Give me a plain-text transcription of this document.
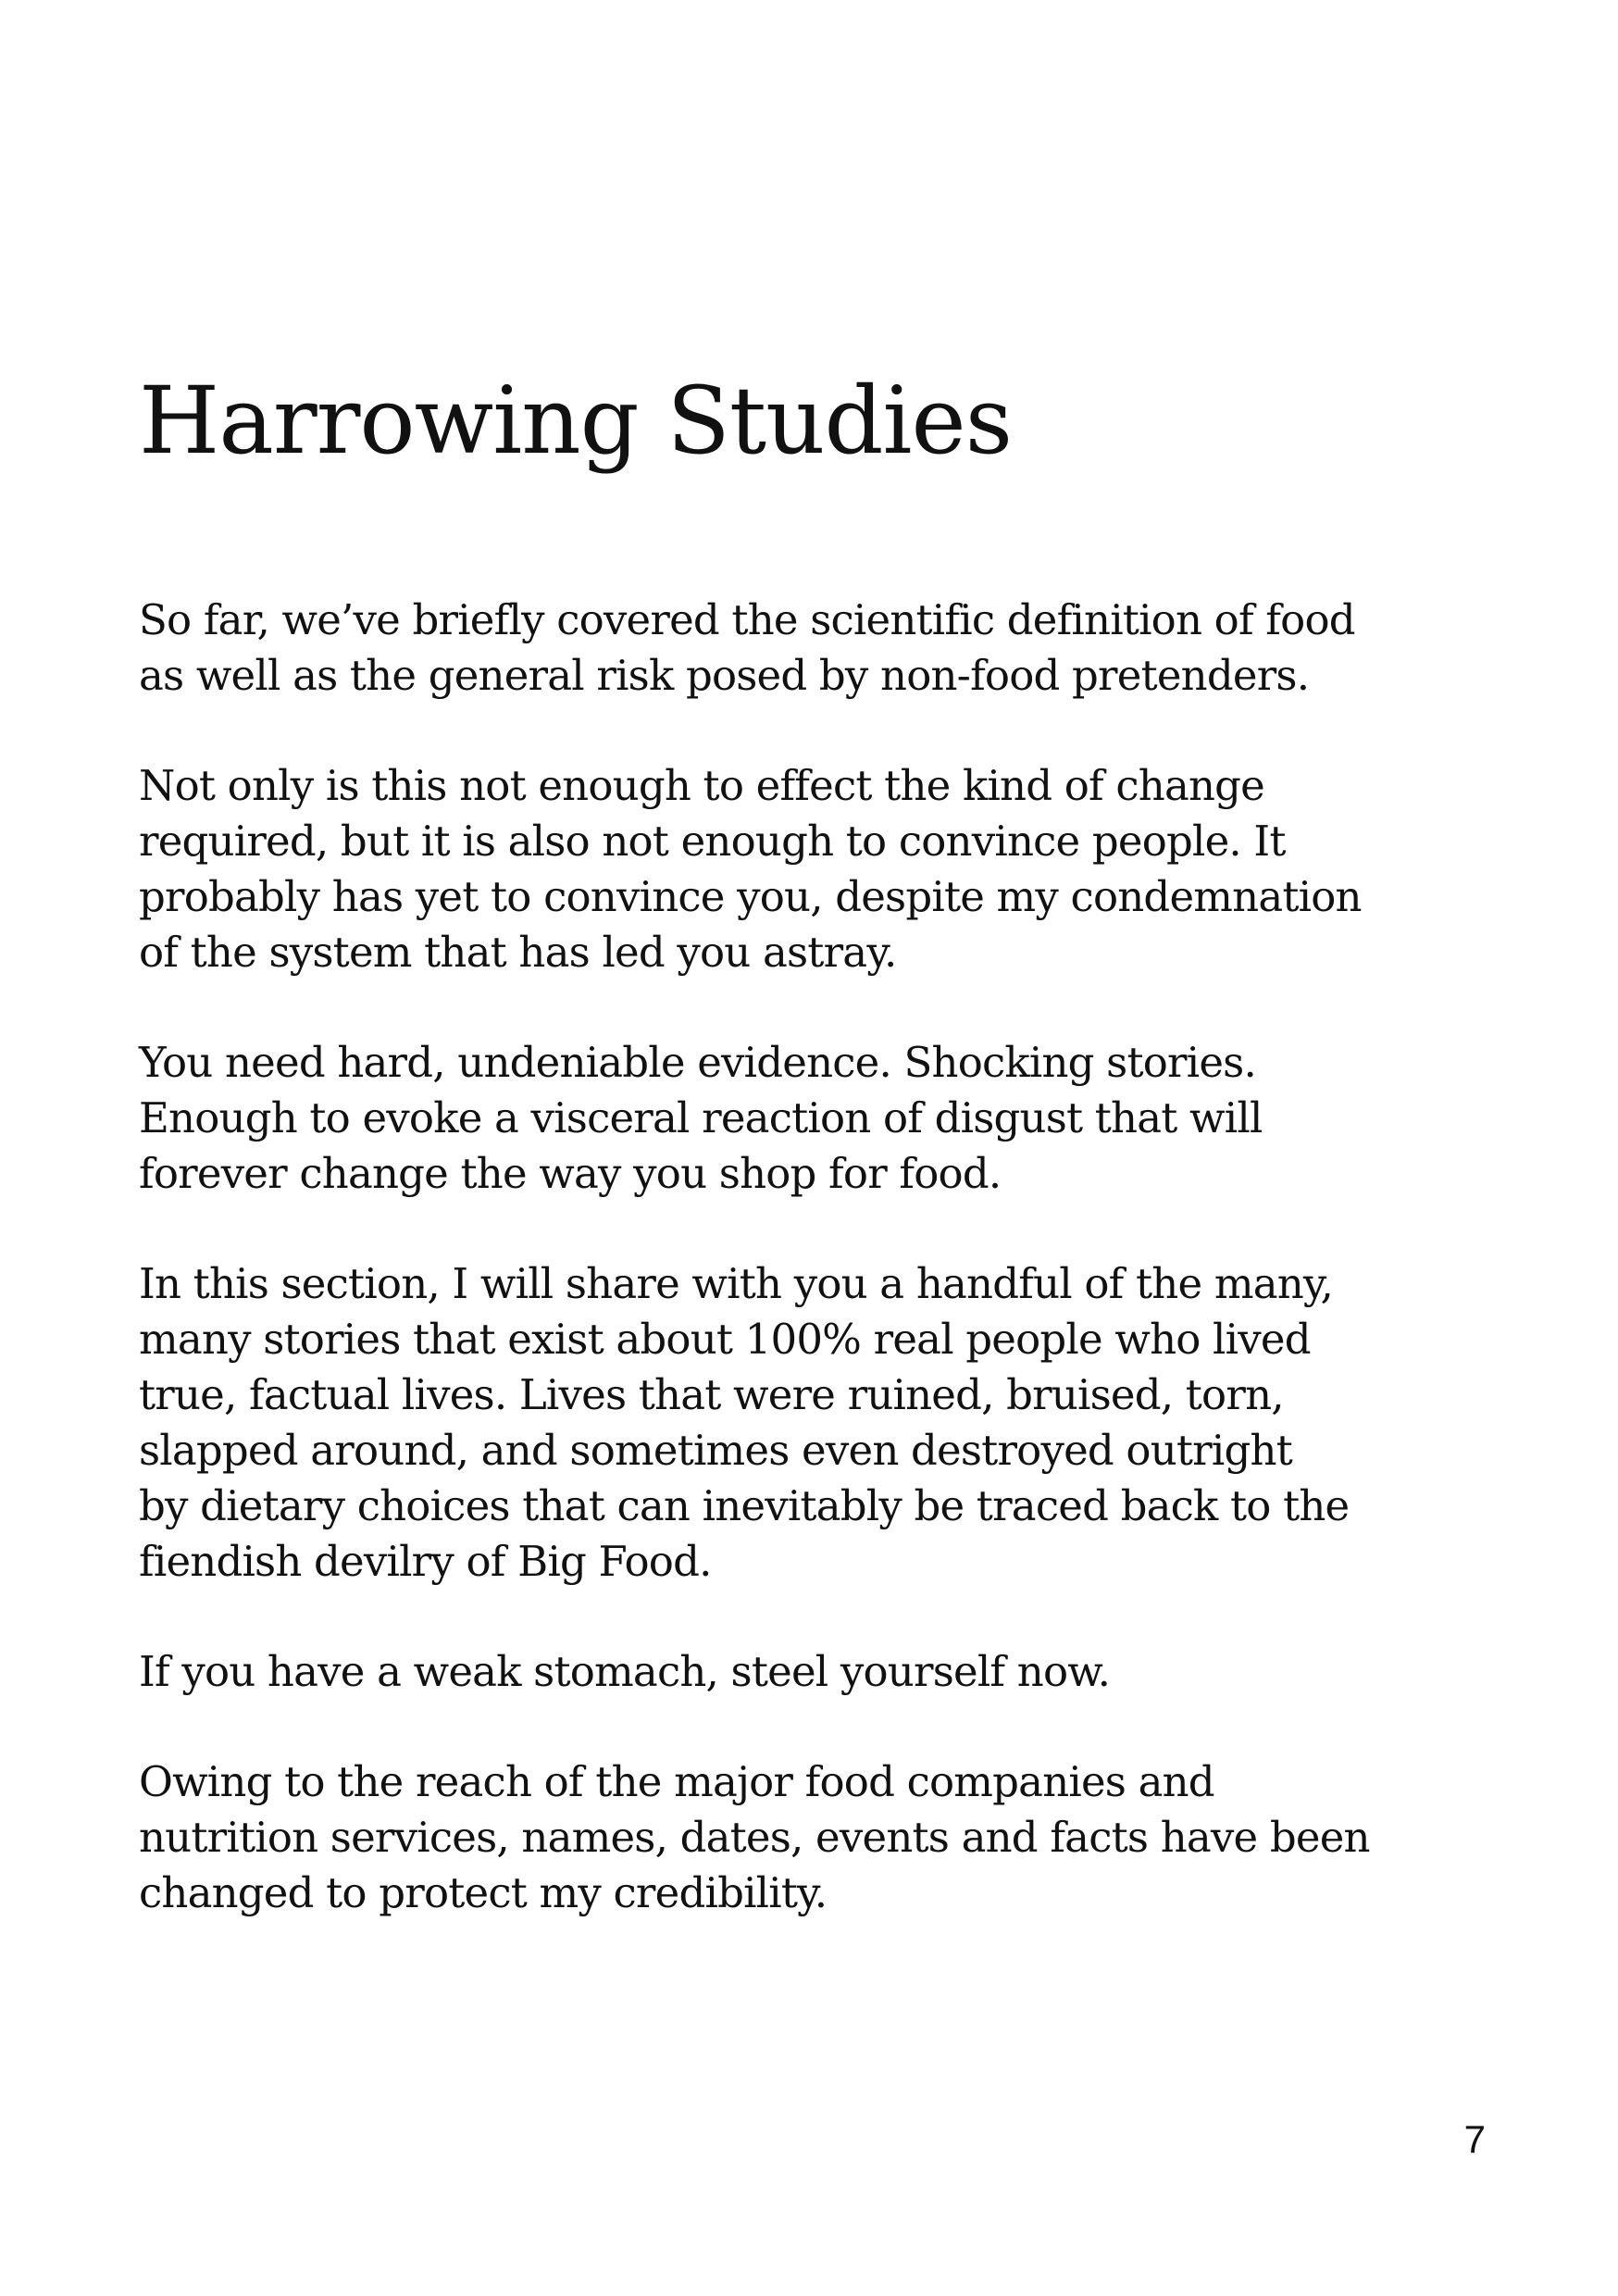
Harrowing Studies

So far, we’ve briefly covered the scientific definition of food
as well as the general risk posed by non-food pretenders.

Not only is this not enough to effect the kind of change
required, but it is also not enough to convince people. It
probably has yet to convince you, despite my condemnation
of the system that has led you astray.

You need hard, undeniable evidence. Shocking stories.
Enough to evoke a visceral reaction of disgust that will
forever change the way you shop for food.

In this section, I will share with you a handful of the many,
many stories that exist about 100% real people who lived
true, factual lives. Lives that were ruined, bruised, torn,
slapped around, and sometimes even destroyed outright
by dietary choices that can inevitably be traced back to the
fiendish devilry of Big Food.

If you have a weak stomach, steel yourself now.

Owing to the reach of the major food companies and
nutrition services, names, dates, events and facts have been
changed to protect my credibility.

7
